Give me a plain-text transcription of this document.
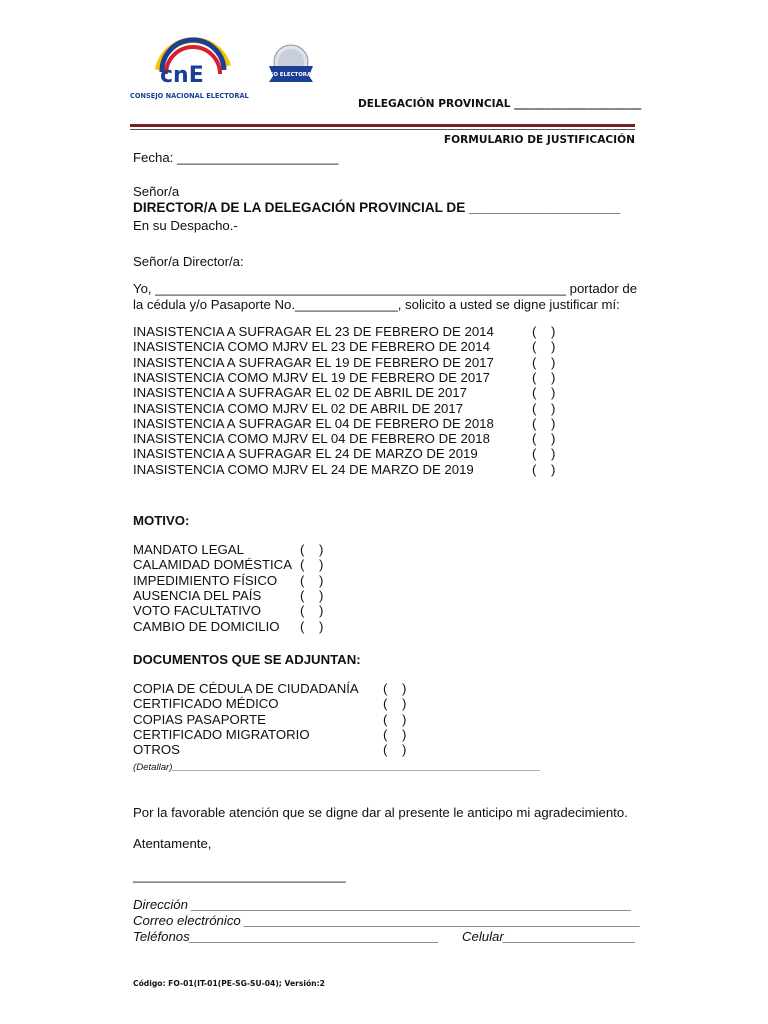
cnE
CONSEJO NACIONAL ELECTORAL
ISO ELECTORAL
DELEGACIÓN PROVINCIAL ________________________
FORMULARIO DE JUSTIFICACIÓN
Fecha: ______________________
Señor/a
DIRECTOR/A DE LA DELEGACIÓN PROVINCIAL DE ____________________
En su Despacho.-
Señor/a Director/a:
Yo, ________________________________________________________ portador de
la cédula y/o Pasaporte No.______________, solicito a usted se digne justificar mí:
INASISTENCIA A SUFRAGAR EL 23 DE FEBRERO DE 2014	(    )
INASISTENCIA COMO MJRV EL 23 DE FEBRERO DE 2014	(    )
INASISTENCIA A SUFRAGAR EL 19 DE FEBRERO DE 2017	(    )
INASISTENCIA COMO MJRV EL 19 DE FEBRERO DE 2017	(    )
INASISTENCIA A SUFRAGAR EL 02 DE ABRIL DE 2017	(    )
INASISTENCIA COMO MJRV EL 02 DE ABRIL DE 2017	(    )
INASISTENCIA A SUFRAGAR EL 04 DE FEBRERO DE 2018	(    )
INASISTENCIA COMO MJRV EL 04 DE FEBRERO DE 2018	(    )
INASISTENCIA A SUFRAGAR EL 24 DE MARZO DE 2019	(    )
INASISTENCIA COMO MJRV EL 24 DE MARZO DE 2019	(    )
MOTIVO:
MANDATO LEGAL	(    )
CALAMIDAD DOMÉSTICA (    )
IMPEDIMIENTO FÍSICO (    )
AUSENCIA DEL PAÍS	(    )
VOTO FACULTATIVO	(    )
CAMBIO DE DOMICILIO (    )
DOCUMENTOS QUE SE ADJUNTAN:
COPIA DE CÉDULA DE CIUDADANÍA (    )
CERTIFICADO MÉDICO	(    )
COPIAS PASAPORTE	(    )
CERTIFICADO MIGRATORIO	(    )
OTROS	(    )
(Detallar)_____________________________________________________________________
Por la favorable atención que se digne dar al presente le anticipo mi agradecimiento.
Atentamente,
_____________________________
Dirección ____________________________________________________________
Correo electrónico ______________________________________________________
Teléfonos__________________________________ Celular__________________
Código: FO-01(IT-01(PE-SG-SU-04); Versión:2
